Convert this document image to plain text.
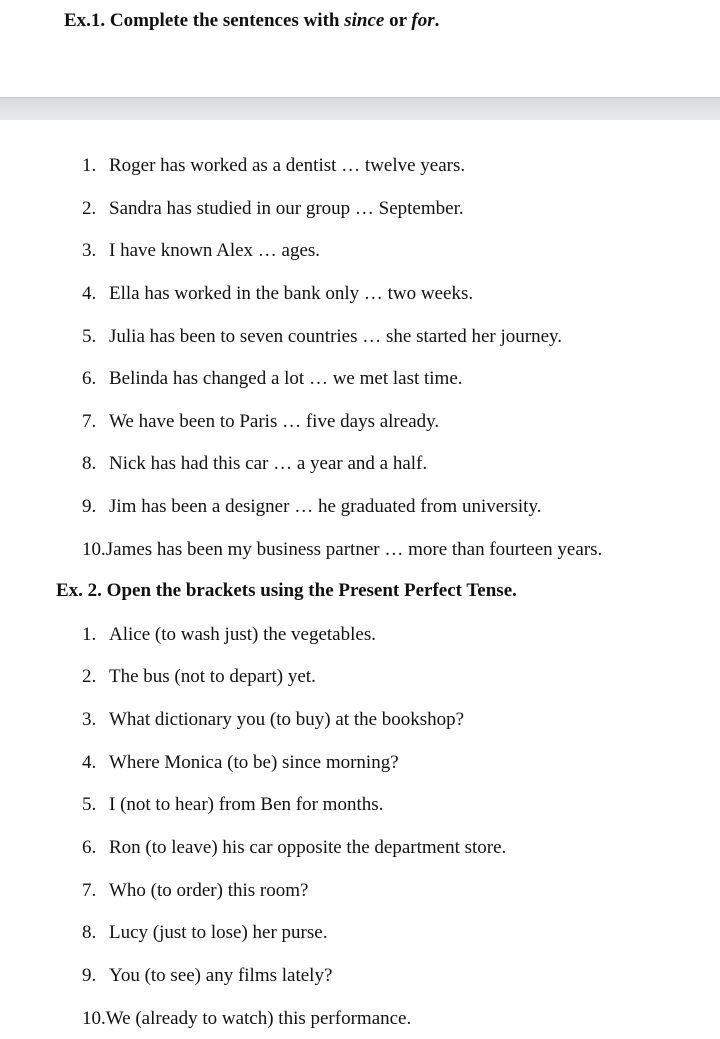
Ex.1. Complete the sentences with since or for.
1. Roger has worked as a dentist … twelve years.
2. Sandra has studied in our group … September.
3. I have known Alex … ages.
4. Ella has worked in the bank only … two weeks.
5. Julia has been to seven countries … she started her journey.
6. Belinda has changed a lot … we met last time.
7. We have been to Paris … five days already.
8. Nick has had this car … a year and a half.
9. Jim has been a designer … he graduated from university.
10.James has been my business partner … more than fourteen years.
Ex. 2. Open the brackets using the Present Perfect Tense.
1. Alice (to wash just) the vegetables.
2. The bus (not to depart) yet.
3. What dictionary you (to buy) at the bookshop?
4. Where Monica (to be) since morning?
5. I (not to hear) from Ben for months.
6. Ron (to leave) his car opposite the department store.
7. Who (to order) this room?
8. Lucy (just to lose) her purse.
9. You (to see) any films lately?
10.We (already to watch) this performance.
